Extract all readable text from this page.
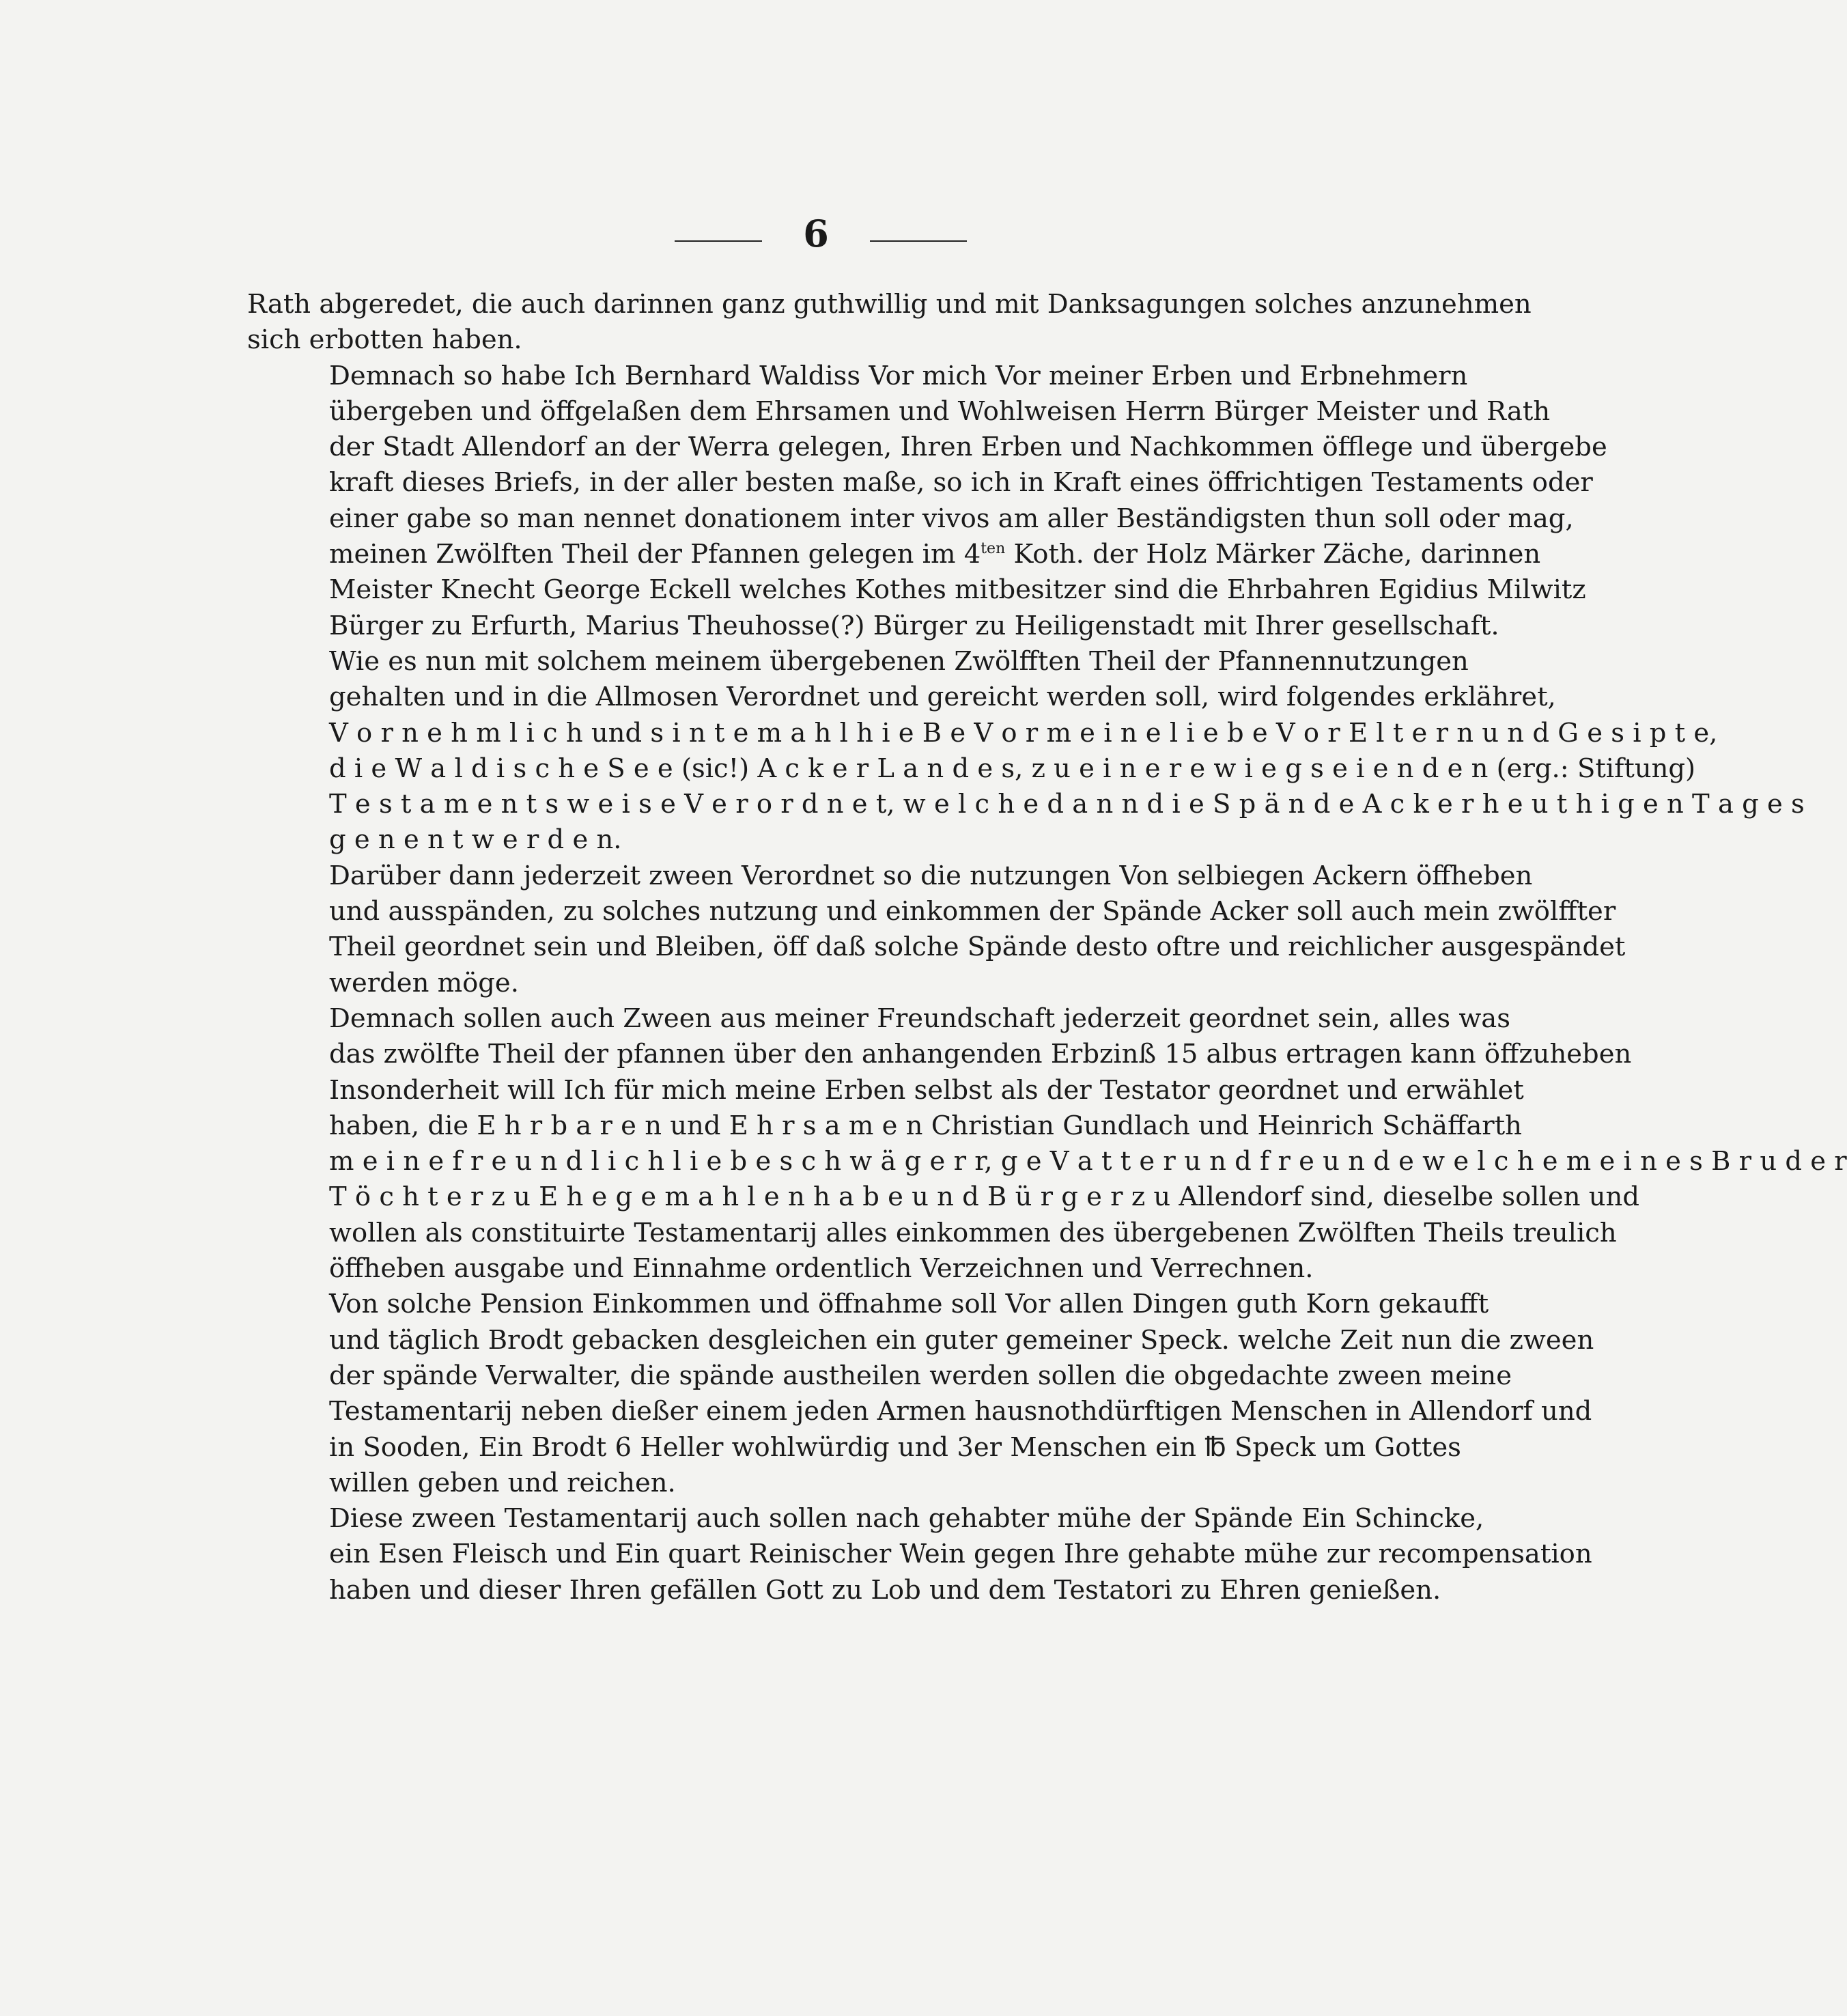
6
Rath abgeredet, die auch darinnen ganz guthwillig und mit Danksagungen solches anzunehmen
sich erbotten haben.
Demnach so habe Ich Bernhard Waldiss Vor mich Vor meiner Erben und Erbnehmern
übergeben und öffgelaßen dem Ehrsamen und Wohlweisen Herrn Bürger Meister und Rath
der Stadt Allendorf an der Werra gelegen, Ihren Erben und Nachkommen öfflege und übergebe
kraft dieses Briefs, in der aller besten maße, so ich in Kraft eines öffrichtigen Testaments oder
einer gabe so man nennet donationem inter vivos am aller Beständigsten thun soll oder mag,
meinen Zwölften Theil der Pfannen gelegen im $4^{ten}$ Koth. der Holz Märker Zäche, darinnen
Meister Knecht George Eckell welches Kothes mitbesitzer sind die Ehrbahren Egidius Milwitz
Bürger zu Erfurth, Marius Theuhosse(?) Bürger zu Heiligenstadt mit Ihrer gesellschaft.
Wie es nun mit solchem meinem übergebenen Zwölfften Theil der Pfannennutzungen
gehalten und in die Allmosen Verordnet und gereicht werden soll, wird folgendes erklähret,
V o r n e h m l i c h und s i n t e m a h l h i e B e V o r m e i n e l i e b e V o r E l t e r n u n d G e s i p t e,
d i e W a l d i s c h e S e e (sic!) A c k e r L a n d e s, z u e i n e r e w i e g s e i e n d e n (erg.: Stiftung)
T e s t a m e n t s w e i s e V e r o r d n e t, w e l c h e d a n n d i e S p ä n d e A c k e r h e u t h i g e n T a g e s
g e n e n t w e r d e n.
Darüber dann jederzeit zween Verordnet so die nutzungen Von selbiegen Ackern öffheben
und ausspänden, zu solches nutzung und einkommen der Spände Acker soll auch mein zwölffter
Theil geordnet sein und Bleiben, öff daß solche Spände desto oftre und reichlicher ausgespändet
werden möge.
Demnach sollen auch Zween aus meiner Freundschaft jederzeit geordnet sein, alles was
das zwölfte Theil der pfannen über den anhangenden Erbzinß 15 albus ertragen kann öffzuheben
Insonderheit will Ich für mich meine Erben selbst als der Testator geordnet und erwählet
haben, die E h r b a r e n und E h r s a m e n Christian Gundlach und Heinrich Schäffarth
m e i n e f r e u n d l i c h l i e b e s c h w ä g e r r, g e V a t t e r u n d f r e u n d e w e l c h e m e i n e s B r u d e r
T ö c h t e r z u E h e g e m a h l e n h a b e u n d B ü r g e r z u Allendorf sind, dieselbe sollen und
wollen als constituirte Testamentarij alles einkommen des übergebenen Zwölften Theils treulich
öffheben ausgabe und Einnahme ordentlich Verzeichnen und Verrechnen.
Von solche Pension Einkommen und öffnahme soll Vor allen Dingen guth Korn gekaufft
und täglich Brodt gebacken desgleichen ein guter gemeiner Speck. welche Zeit nun die zween
der spände Verwalter, die spände austheilen werden sollen die obgedachte zween meine
Testamentarij neben dießer einem jeden Armen hausnothdürftigen Menschen in Allendorf und
in Sooden, Ein Brodt 6 Heller wohlwürdig und 3er Menschen ein ℔ Speck um Gottes
willen geben und reichen.
Diese zween Testamentarij auch sollen nach gehabter mühe der Spände Ein Schincke,
ein Esen Fleisch und Ein quart Reinischer Wein gegen Ihre gehabte mühe zur recompensation
haben und dieser Ihren gefällen Gott zu Lob und dem Testatori zu Ehren genießen.
